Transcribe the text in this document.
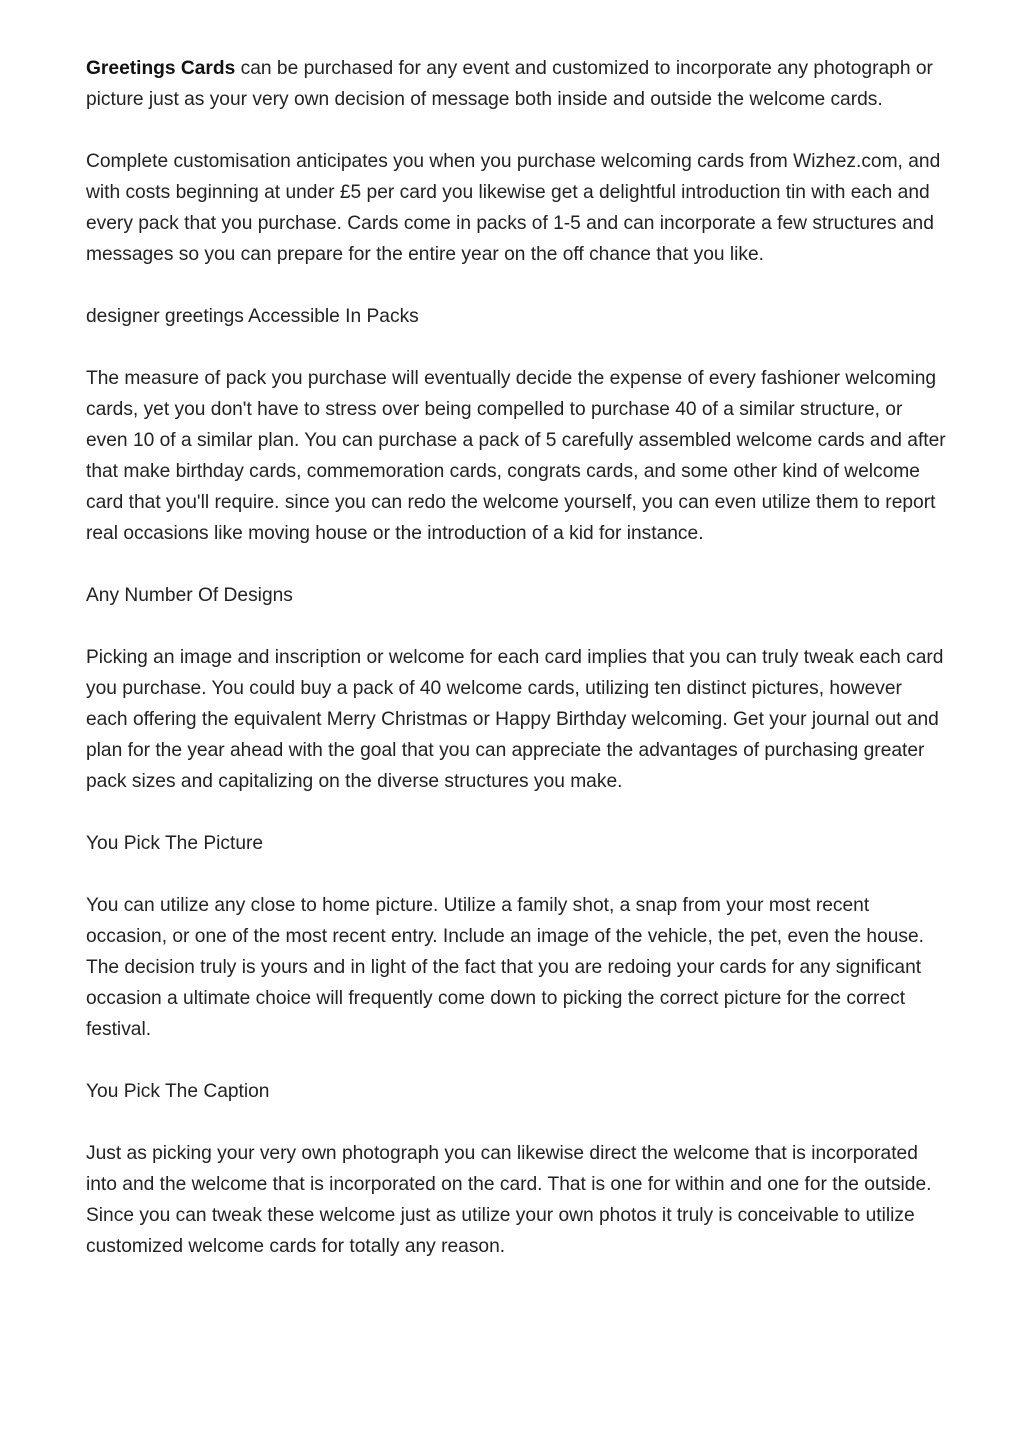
Greetings Cards can be purchased for any event and customized to incorporate any photograph or picture just as your very own decision of message both inside and outside the welcome cards.

Complete customisation anticipates you when you purchase welcoming cards from Wizhez.com, and with costs beginning at under £5 per card you likewise get a delightful introduction tin with each and every pack that you purchase. Cards come in packs of 1-5 and can incorporate a few structures and messages so you can prepare for the entire year on the off chance that you like.

designer greetings Accessible In Packs

The measure of pack you purchase will eventually decide the expense of every fashioner welcoming cards, yet you don't have to stress over being compelled to purchase 40 of a similar structure, or even 10 of a similar plan. You can purchase a pack of 5 carefully assembled welcome cards and after that make birthday cards, commemoration cards, congrats cards, and some other kind of welcome card that you'll require. since you can redo the welcome yourself, you can even utilize them to report real occasions like moving house or the introduction of a kid for instance.

Any Number Of Designs

Picking an image and inscription or welcome for each card implies that you can truly tweak each card you purchase. You could buy a pack of 40 welcome cards, utilizing ten distinct pictures, however each offering the equivalent Merry Christmas or Happy Birthday welcoming. Get your journal out and plan for the year ahead with the goal that you can appreciate the advantages of purchasing greater pack sizes and capitalizing on the diverse structures you make.

You Pick The Picture

You can utilize any close to home picture. Utilize a family shot, a snap from your most recent occasion, or one of the most recent entry. Include an image of the vehicle, the pet, even the house. The decision truly is yours and in light of the fact that you are redoing your cards for any significant occasion a ultimate choice will frequently come down to picking the correct picture for the correct festival.

You Pick The Caption

Just as picking your very own photograph you can likewise direct the welcome that is incorporated into and the welcome that is incorporated on the card. That is one for within and one for the outside. Since you can tweak these welcome just as utilize your own photos it truly is conceivable to utilize customized welcome cards for totally any reason.
